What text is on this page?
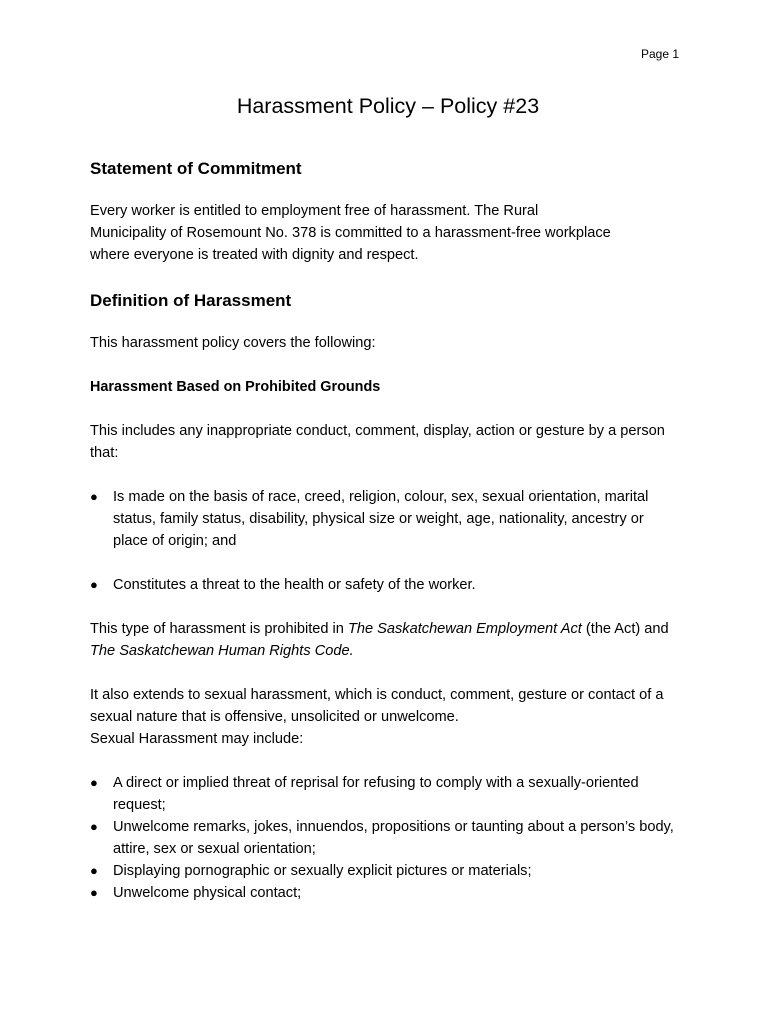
Page 1
Harassment Policy – Policy #23
Statement of Commitment

Every worker is entitled to employment free of harassment. The Rural
Municipality of Rosemount No. 378 is committed to a harassment-free workplace
where everyone is treated with dignity and respect.

Definition of Harassment

This harassment policy covers the following:

Harassment Based on Prohibited Grounds

This includes any inappropriate conduct, comment, display, action or gesture by a person
that:

● Is made on the basis of race, creed, religion, colour, sex, sexual orientation, marital
status, family status, disability, physical size or weight, age, nationality, ancestry or
place of origin; and
● Constitutes a threat to the health or safety of the worker.

This type of harassment is prohibited in The Saskatchewan Employment Act (the Act) and
The Saskatchewan Human Rights Code.

It also extends to sexual harassment, which is conduct, comment, gesture or contact of a
sexual nature that is offensive, unsolicited or unwelcome.
Sexual Harassment may include:

● A direct or implied threat of reprisal for refusing to comply with a sexually-oriented
request;
● Unwelcome remarks, jokes, innuendos, propositions or taunting about a person’s body,
attire, sex or sexual orientation;
● Displaying pornographic or sexually explicit pictures or materials;
● Unwelcome physical contact;
